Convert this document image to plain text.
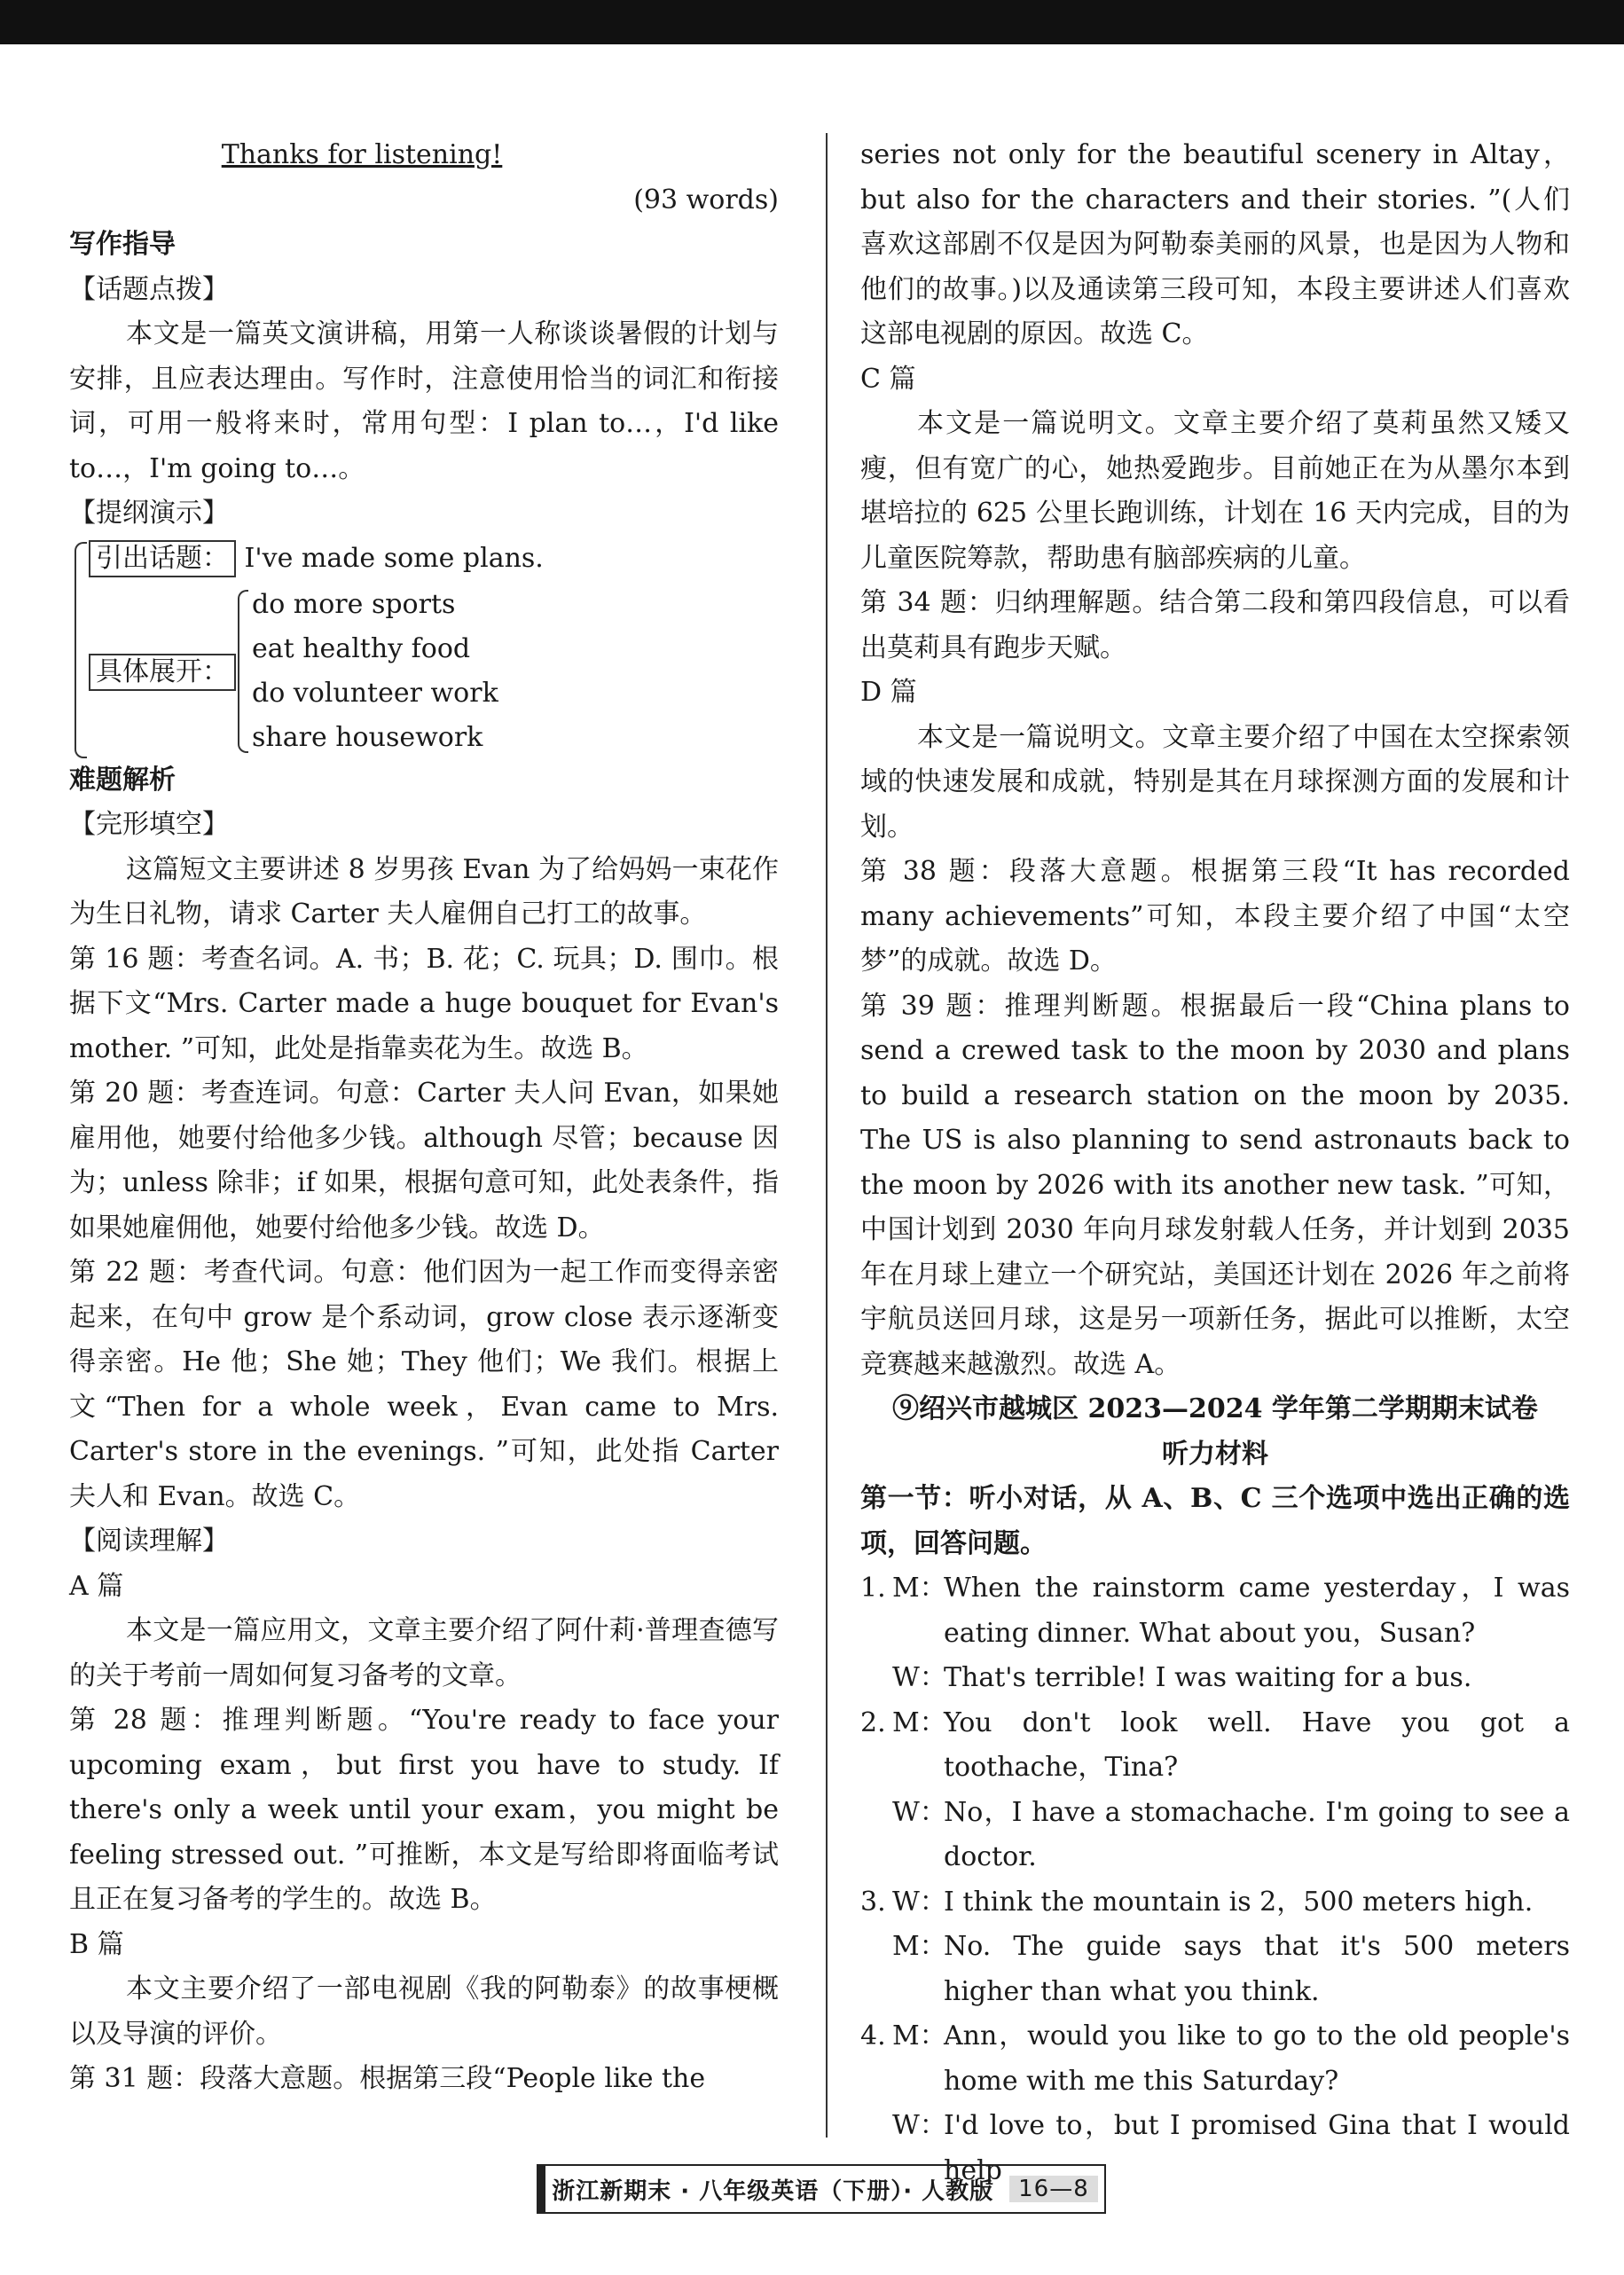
Thanks for listening!

(93 words)

写作指导

【话题点拨】

本文是一篇英文演讲稿，用第一人称谈谈暑假的计划与安排，且应表达理由。写作时，注意使用恰当的词汇和衔接词，可用一般将来时，常用句型：I plan to…，I'd like to…，I'm going to…。

【提纲演示】

引出话题： I've made some plans.
具体展开：
do more sports
eat healthy food
do volunteer work
share housework

难题解析

【完形填空】

这篇短文主要讲述 8 岁男孩 Evan 为了给妈妈一束花作为生日礼物，请求 Carter 夫人雇佣自己打工的故事。

第 16 题：考查名词。A. 书；B. 花；C. 玩具；D. 围巾。根据下文“Mrs. Carter made a huge bouquet for Evan's mother. ”可知，此处是指靠卖花为生。故选 B。

第 20 题：考查连词。句意：Carter 夫人问 Evan，如果她雇用他，她要付给他多少钱。although 尽管；because 因为；unless 除非；if 如果，根据句意可知，此处表条件，指如果她雇佣他，她要付给他多少钱。故选 D。

第 22 题：考查代词。句意：他们因为一起工作而变得亲密起来，在句中 grow 是个系动词，grow close 表示逐渐变得亲密。He 他；She 她；They 他们；We 我们。根据上文“Then for a whole week，Evan came to Mrs. Carter's store in the evenings. ”可知，此处指 Carter 夫人和 Evan。故选 C。

【阅读理解】

A 篇

本文是一篇应用文，文章主要介绍了阿什莉·普理查德写的关于考前一周如何复习备考的文章。

第 28 题：推理判断题。“You're ready to face your upcoming exam，but first you have to study. If there's only a week until your exam，you might be feeling stressed out. ”可推断，本文是写给即将面临考试且正在复习备考的学生的。故选 B。

B 篇

本文主要介绍了一部电视剧《我的阿勒泰》的故事梗概以及导演的评价。

第 31 题：段落大意题。根据第三段“People like the

series not only for the beautiful scenery in Altay，but also for the characters and their stories. ”(人们喜欢这部剧不仅是因为阿勒泰美丽的风景，也是因为人物和他们的故事。)以及通读第三段可知，本段主要讲述人们喜欢这部电视剧的原因。故选 C。

C 篇

本文是一篇说明文。文章主要介绍了莫莉虽然又矮又瘦，但有宽广的心，她热爱跑步。目前她正在为从墨尔本到堪培拉的 625 公里长跑训练，计划在 16 天内完成，目的为儿童医院筹款，帮助患有脑部疾病的儿童。

第 34 题：归纳理解题。结合第二段和第四段信息，可以看出莫莉具有跑步天赋。

D 篇

本文是一篇说明文。文章主要介绍了中国在太空探索领域的快速发展和成就，特别是其在月球探测方面的发展和计划。

第 38 题：段落大意题。根据第三段“It has recorded many achievements”可知，本段主要介绍了中国“太空梦”的成就。故选 D。

第 39 题：推理判断题。根据最后一段“China plans to send a crewed task to the moon by 2030 and plans to build a research station on the moon by 2035. The US is also planning to send astronauts back to the moon by 2026 with its another new task. ”可知，中国计划到 2030 年向月球发射载人任务，并计划到 2035 年在月球上建立一个研究站，美国还计划在 2026 年之前将宇航员送回月球，这是另一项新任务，据此可以推断，太空竞赛越来越激烈。故选 A。

⑨绍兴市越城区 2023—2024 学年第二学期期末试卷

听力材料

第一节：听小对话，从 A、B、C 三个选项中选出正确的选项，回答问题。

1. M：
When the rainstorm came yesterday，I was eating dinner. What about you，Susan?
W：
That's terrible! I was waiting for a bus.
2. M：
You don't look well. Have you got a toothache，Tina?
W：
No，I have a stomachache. I'm going to see a doctor.
3. W：
I think the mountain is 2，500 meters high.
M：
No. The guide says that it's 500 meters higher than what you think.
4. M：
Ann，would you like to go to the old people's home with me this Saturday?
W：
I'd love to，but I promised Gina that I would help
浙江新期末 · 八年级英语（下册）· 人教版	16—8
